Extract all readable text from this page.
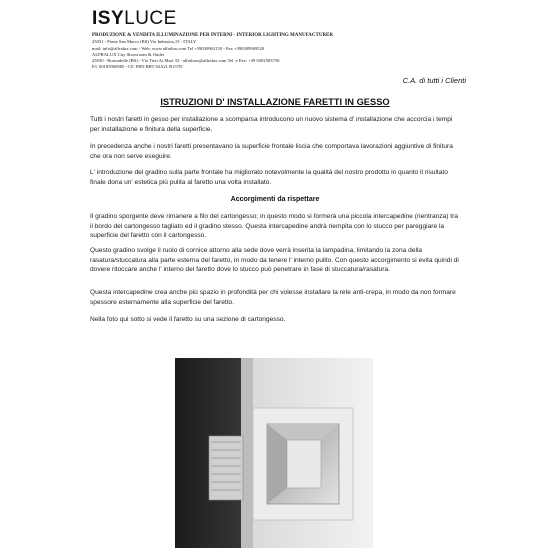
ISYLUCE
PRODUZIONE & VENDITA ILLUMINAZIONE PER INTERNI - INTERIOR LIGHTING MANUFACTURER
25031 - Ponte San Marco (BS) Via Industria,15 - ITALY
mail: info@alfralux.com - Web: www.alfralux.com Tel +39030963150 - Fax +390309969520
ALFRALUX City Showroom & Outlet
25030 - Roncadelle (BS) - Via Tieri Ai Mari 33 - alfraluxs@alfralux.com Tel. e Fax: +39 0302583750
P.I. 00185960985 - CF. FRN RRT 63A21 B157D
C.A. di tutti i Clienti
ISTRUZIONI D' INSTALLAZIONE FARETTI IN GESSO
Tutti i nostri faretti in gesso per installazione a scomparsa introducono un nuovo sistema d' installazione che accorcia i tempi per installazione e finitura della superficie.
In precedenza anche i nostri faretti presentavano la superficie frontale liscia che comportava lavorazioni aggiuntive di finitura che ora non serve eseguire.
L' introduzione del gradino sulla parte frontale ha migliorato notevolmente la qualità del nostro prodotto in quanto il risultato finale dona un' estetica più pulita al faretto una volta installato.
Accorgimenti da rispettare
Il gradino sporgente deve rimanere a filo del cartongesso; in questo modo si formerà una piccola intercapedine (rientranza) tra il bordo del cartongesso tagliato ed il gradino stesso. Questa intercapedine andrà riempita con lo stucco per pareggiare la superficie del faretto con il cartongesso.
Questo gradino svolge il ruolo di cornice attorno alla sede dove verrà inserita la lampadina, limitando la zona della rasatura/stuccatura alla parte esterna del faretto, in modo da tenere l' interno pulito. Con questo accorgimento si evita quindi di dovere ritoccare anche l' interno del faretto dove lo stucco può penetrare in fase di stuccatura/rasatura.
Questa intercapedine crea anche più spazio in profondità per chi volesse installare la rete anti-crepa, in modo da non formare spessore esternamente alla superficie del faretto.
Nella foto qui sotto si vede il faretto su una sezione di cartongesso.
